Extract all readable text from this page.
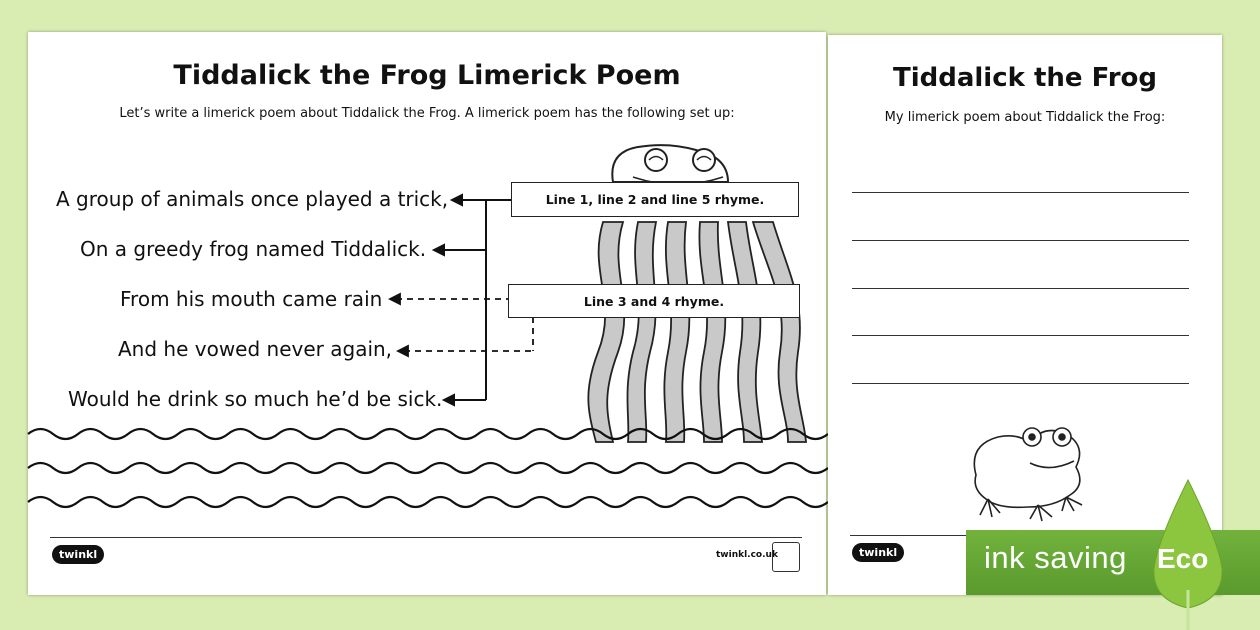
Tiddalick the Frog Limerick Poem
Let’s write a limerick poem about Tiddalick the Frog. A limerick poem has the following set up:
A group of animals once played a trick,
On a greedy frog named Tiddalick.
From his mouth came rain
And he vowed never again,
Would he drink so much he’d be sick.
Line 1, line 2 and line 5 rhyme.
Line 3 and 4 rhyme.
twinkl	twinkl.co.uk
Tiddalick the Frog
My limerick poem about Tiddalick the Frog:
twinkl	ink saving Eco
